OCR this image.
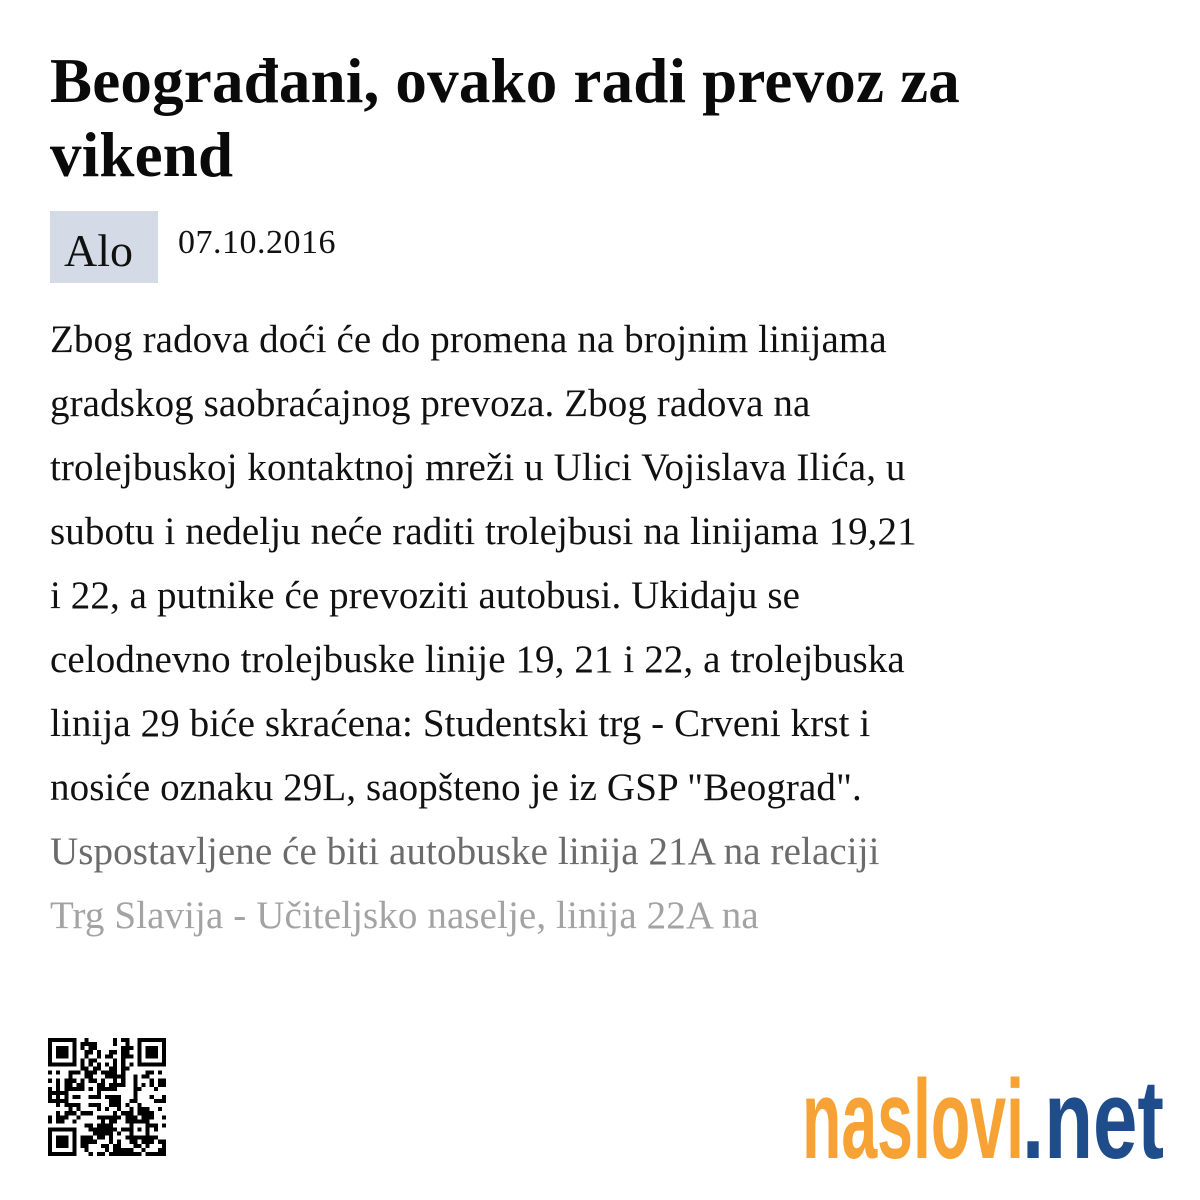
Beograđani, ovako radi prevoz za vikend
Alo	07.10.2016
Zbog radova doći će do promena na brojnim linijama
gradskog saobraćajnog prevoza. Zbog radova na
trolejbuskoj kontaktnoj mreži u Ulici Vojislava Ilića, u
subotu i nedelju neće raditi trolejbusi na linijama 19,21
i 22, a putnike će prevoziti autobusi. Ukidaju se
celodnevno trolejbuske linije 19, 21 i 22, a trolejbuska
linija 29 biće skraćena: Studentski trg - Crveni krst i
nosiće oznaku 29L, saopšteno je iz GSP "Beograd".
Uspostavljene će biti autobuske linija 21A na relaciji
Trg Slavija - Učiteljsko naselje, linija 22A na
naslovi
.net
